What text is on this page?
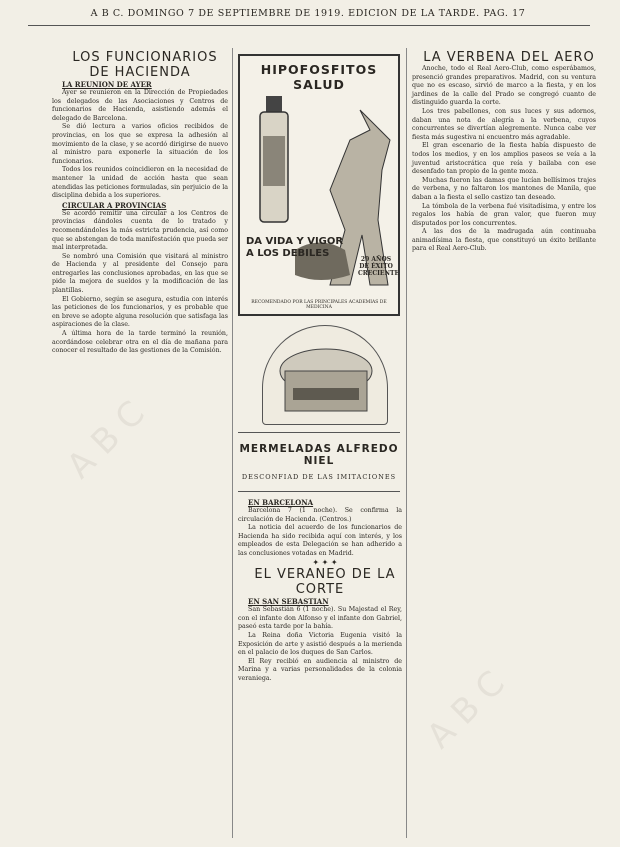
A B C. DOMINGO 7 DE SEPTIEMBRE DE 1919. EDICION DE LA TARDE. PAG. 17

LOS FUNCIONARIOS DE HACIENDA

LA REUNION DE AYER

Ayer se reunieron en la Dirección de Propiedades los delegados de las Asociaciones y Centros de funcionarios de Hacienda, asistiendo además el delegado de Barcelona.

Se dió lectura a varios oficios recibidos de provincias, en los que se expresa la adhesión al movimiento de la clase, y se acordó dirigirse de nuevo al ministro para exponerle la situación de los funcionarios.

Todos los reunidos coincidieron en la necesidad de mantener la unidad de acción hasta que sean atendidas las peticiones formuladas, sin perjuicio de la disciplina debida a los superiores.

CIRCULAR A PROVINCIAS

Se acordó remitir una circular a los Centros de provincias dándoles cuenta de lo tratado y recomendándoles la más estricta prudencia, así como que se abstengan de toda manifestación que pueda ser mal interpretada.

Se nombró una Comisión que visitará al ministro de Hacienda y al presidente del Consejo para entregarles las conclusiones aprobadas, en las que se pide la mejora de sueldos y la modificación de las plantillas.

El Gobierno, según se asegura, estudia con interés las peticiones de los funcionarios, y es probable que en breve se adopte alguna resolución que satisfaga las aspiraciones de la clase.

A última hora de la tarde terminó la reunión, acordándose celebrar otra en el día de mañana para conocer el resultado de las gestiones de la Comisión.

HIPOFOSFITOS SALUD
DA VIDA Y VIGOR A LOS DEBILES
29 AÑOS DE ÉXITO CRECIENTE
RECOMENDADO POR LAS PRINCIPALES ACADEMIAS DE MEDICINA
MERMELADAS ALFREDO NIEL
DESCONFIAD DE LAS IMITACIONES

EN BARCELONA

Barcelona 7 (1 noche). Se confirma la circulación de Hacienda. (Centros.)

La noticia del acuerdo de los funcionarios de Hacienda ha sido recibida aquí con interés, y los empleados de esta Delegación se han adherido a las conclusiones votadas en Madrid.

✦ ✦ ✦

EL VERANEO DE LA CORTE

EN SAN SEBASTIAN

San Sebastián 6 (1 noche). Su Majestad el Rey, con el infante don Alfonso y el infante don Gabriel, paseó esta tarde por la bahía.

La Reina doña Victoria Eugenia visitó la Exposición de arte y asistió después a la merienda en el palacio de los duques de San Carlos.

El Rey recibió en audiencia al ministro de Marina y a varias personalidades de la colonia veraniega.

LA VERBENA DEL AERO

Anoche, todo el Real Aero-Club, como esperábamos, presenció grandes preparativos. Madrid, con su ventura que no es escaso, sirvió de marco a la fiesta, y en los jardines de la calle del Prado se congregó cuanto de distinguido guarda la corte.

Los tres pabellones, con sus luces y sus adornos, daban una nota de alegría a la verbena, cuyos concurrentes se divertían alegremente. Nunca cabe ver fiesta más sugestiva ni encuentro más agradable.

El gran escenario de la fiesta había dispuesto de todos los medios, y en los amplios paseos se veía a la juventud aristocrática que reía y bailaba con ese desenfado tan propio de la gente moza.

Muchas fueron las damas que lucían bellísimos trajes de verbena, y no faltaron los mantones de Manila, que daban a la fiesta el sello castizo tan deseado.

La tómbola de la verbena fué visitadísima, y entre los regalos los había de gran valor, que fueron muy disputados por los concurrentes.

A las dos de la madrugada aún continuaba animadísima la fiesta, que constituyó un éxito brillante para el Real Aero-Club.

A B C
A B C
